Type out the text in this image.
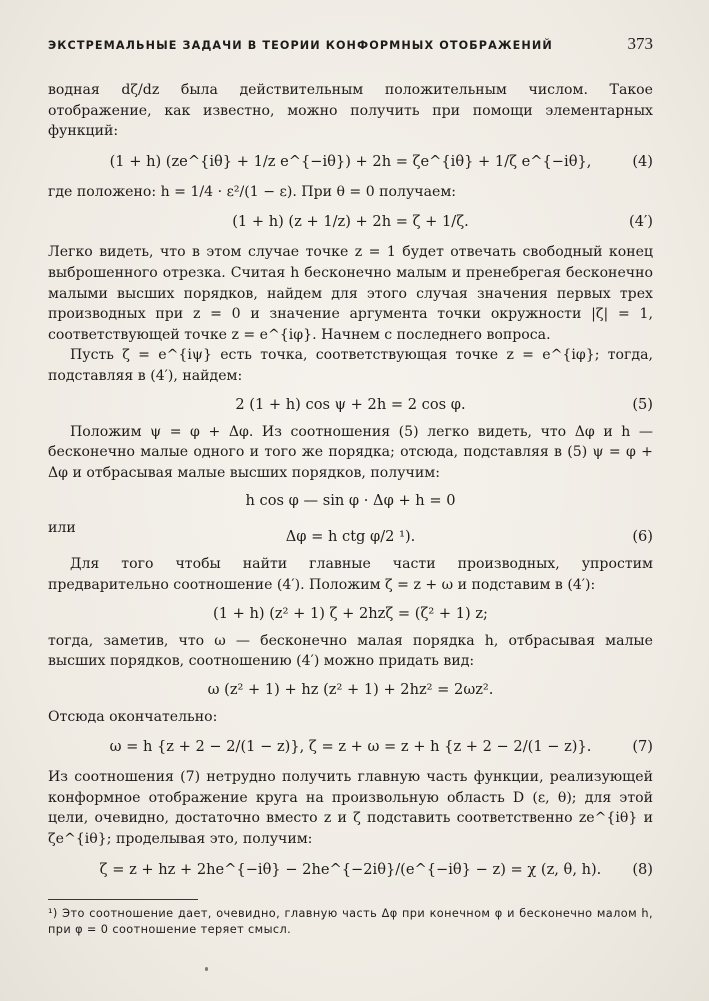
ЭКСТРЕМАЛЬНЫЕ ЗАДАЧИ В ТЕОРИИ КОНФОРМНЫХ ОТОБРАЖЕНИЙ	373

водная dζ/dz была действительным положительным числом. Такое отображение, как известно, можно получить при помощи элементарных функций:

(1 + h) (ze^{iθ} + 1/z e^{−iθ}) + 2h = ζe^{iθ} + 1/ζ e^{−iθ},	(4)

где положено: h = 1/4 · ε²/(1 − ε). При θ = 0 получаем:

(1 + h) (z + 1/z) + 2h = ζ + 1/ζ.	(4′)

Легко видеть, что в этом случае точке z = 1 будет отвечать свободный конец выброшенного отрезка. Считая h бесконечно малым и пренебрегая бесконечно малыми высших порядков, найдем для этого случая значения первых трех производных при z = 0 и значение аргумента точки окружности |ζ| = 1, соответствующей точке z = e^{iφ}. Начнем с последнего вопроса.

Пусть ζ = e^{iψ} есть точка, соответствующая точке z = e^{iφ}; тогда, подставляя в (4′), найдем:

2 (1 + h) cos ψ + 2h = 2 cos φ.	(5)

Положим ψ = φ + Δφ. Из соотношения (5) легко видеть, что Δφ и h — бесконечно малые одного и того же порядка; отсюда, подставляя в (5) ψ = φ + Δφ и отбрасывая малые высших порядков, получим:

h cos φ — sin φ · Δφ + h = 0

или	Δφ = h ctg φ/2 ¹).	(6)

Для того чтобы найти главные части производных, упростим предварительно соотношение (4′). Положим ζ = z + ω и подставим в (4′):

(1 + h) (z² + 1) ζ + 2hzζ = (ζ² + 1) z;

тогда, заметив, что ω — бесконечно малая порядка h, отбрасывая малые высших порядков, соотношению (4′) можно придать вид:

ω (z² + 1) + hz (z² + 1) + 2hz² = 2ωz².

Отсюда окончательно:

ω = h {z + 2 − 2/(1 − z)}, ζ = z + ω = z + h {z + 2 − 2/(1 − z)}.	(7)

Из соотношения (7) нетрудно получить главную часть функции, реализующей конформное отображение круга на произвольную область D (ε, θ); для этой цели, очевидно, достаточно вместо z и ζ подставить соответственно ze^{iθ} и ζe^{iθ}; проделывая это, получим:

ζ = z + hz + 2he^{−iθ} − 2he^{−2iθ}/(e^{−iθ} − z) = χ (z, θ, h). (8)

¹) Это соотношение дает, очевидно, главную часть Δφ при конечном φ и бесконечно малом h, при φ = 0 соотношение теряет смысл.
